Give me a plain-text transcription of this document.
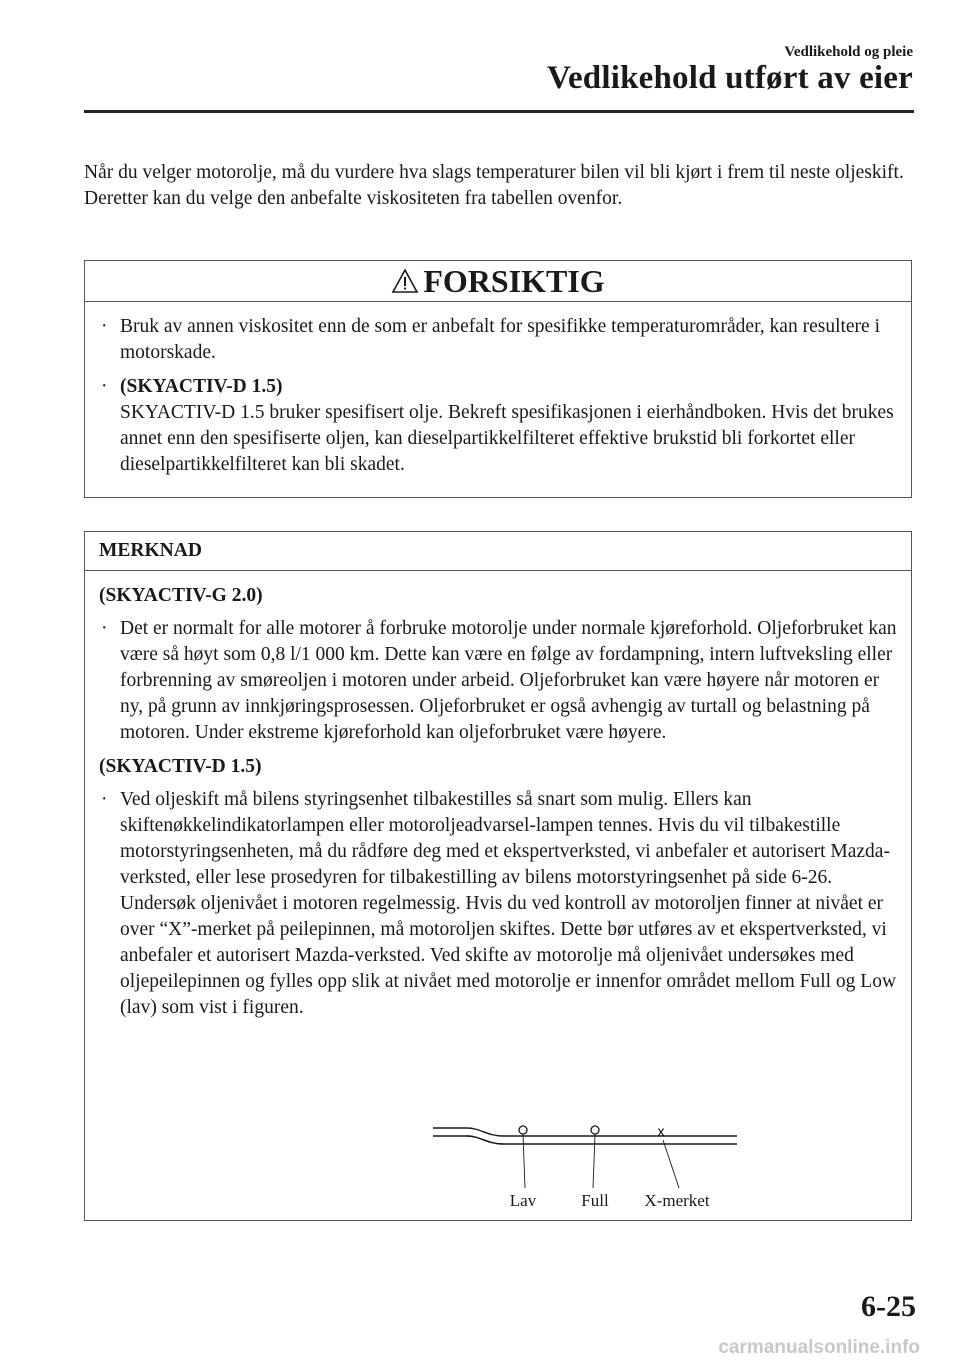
Vedlikehold og pleie
Vedlikehold utført av eier

Når du velger motorolje, må du vurdere hva slags temperaturer bilen vil bli kjørt i frem til neste oljeskift.

Deretter kan du velge den anbefalte viskositeten fra tabellen ovenfor.

FORSIKTIG
· Bruk av annen viskositet enn de som er anbefalt for spesifikke temperaturområder, kan resultere i motorskade.
· (SKYACTIV-D 1.5)

SKYACTIV-D 1.5 bruker spesifisert olje. Bekreft spesifikasjonen i eierhåndboken. Hvis det brukes annet enn den spesifiserte oljen, kan dieselpartikkelfilteret effektive brukstid bli forkortet eller dieselpartikkelfilteret kan bli skadet.

MERKNAD
(SKYACTIV-G 2.0)
· Det er normalt for alle motorer å forbruke motorolje under normale kjøreforhold. Oljeforbruket kan være så høyt som 0,8 l/1 000 km. Dette kan være en følge av fordampning, intern luftveksling eller forbrenning av smøreoljen i motoren under arbeid. Oljeforbruket kan være høyere når motoren er ny, på grunn av innkjøringsprosessen. Oljeforbruket er også avhengig av turtall og belastning på motoren. Under ekstreme kjøreforhold kan oljeforbruket være høyere.
(SKYACTIV-D 1.5)
· Ved oljeskift må bilens styringsenhet tilbakestilles så snart som mulig. Ellers kan skiftenøkkelindikatorlampen eller motoroljeadvarsel-lampen tennes. Hvis du vil tilbakestille motorstyringsenheten, må du rådføre deg med et ekspertverksted, vi anbefaler et autorisert Mazda-verksted, eller lese prosedyren for tilbakestilling av bilens motorstyringsenhet på side 6-26.

Undersøk oljenivået i motoren regelmessig. Hvis du ved kontroll av motoroljen finner at nivået er over “X”-merket på peilepinnen, må motoroljen skiftes. Dette bør utføres av et ekspertverksted, vi anbefaler et autorisert Mazda-verksted. Ved skifte av motorolje må oljenivået undersøkes med oljepeilepinnen og fylles opp slik at nivået med motorolje er innenfor området mellom Full og Low (lav) som vist i figuren.

x
Lav	Full X-merket
6-25
carmanualsonline.info
